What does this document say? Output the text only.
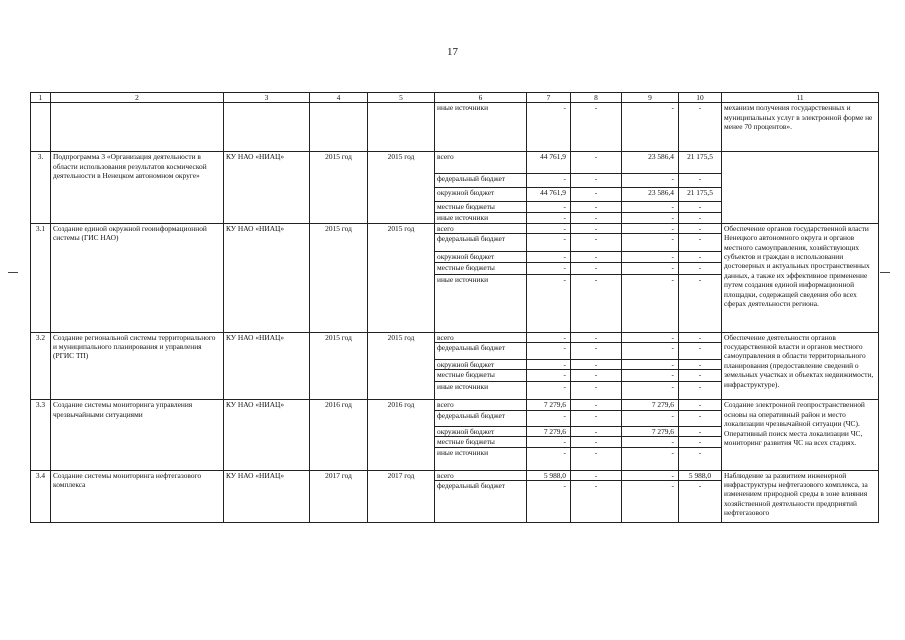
17
1	2	3	4	5	6	7	8	9	10	11
					иные источники	-	-	-	-	механизм получения государственных и муниципальных услуг в электронной форме не менее 70 процентов».
3.	Подпрограмма 3 «Организация деятельности в области использования результатов космической деятельности в Ненецком автономном округе»	КУ НАО «НИАЦ»	2015 год	2015 год	всего	44 761,9	-	23 586,4	21 175,5	
					федеральный бюджет	-	-	-	-	
					окружной бюджет	44 761,9	-	23 586,4	21 175,5	
					местные бюджеты	-	-	-	-	
					иные источники	-	-	-	-	
3.1	Создание единой окружной геоинформационной системы (ГИС НАО)	КУ НАО «НИАЦ»	2015 год	2015 год	всего	-	-	-	-	Обеспечение органов государственной власти Ненецкого автономного округа и органов местного самоуправления, хозяйствующих субъектов и граждан в использовании достоверных и актуальных пространственных данных, а также их эффективное применение путем создания единой информационной площадки, содержащей сведения обо всех сферах деятельности региона.
					федеральный бюджет	-	-	-	-	
					окружной бюджет	-	-	-	-	
					местные бюджеты	-	-	-	-	
					иные источники	-	-	-	-	
3.2	Создание региональной системы территориального и муниципального планирования и управления (РГИС ТП)	КУ НАО «НИАЦ»	2015 год	2015 год	всего	-	-	-	-	Обеспечение деятельности органов государственной власти и органов местного самоуправления в области территориального планирования (предоставление сведений о земельных участках и объектах недвижимости, инфраструктуре).
					федеральный бюджет	-	-	-	-	
					окружной бюджет	-	-	-	-	
					местные бюджеты	-	-	-	-	
					иные источники	-	-	-	-	
3.3	Создание системы мониторинга управления чрезвычайными ситуациями	КУ НАО «НИАЦ»	2016 год	2016 год	всего	7 279,6	-	7 279,6	-	Создание электронной геопространственной основы на оперативный район и место локализации чрезвычайной ситуации (ЧС). Оперативный поиск места локализации ЧС, мониторинг развития ЧС на всех стадиях.
					федеральный бюджет	-	-	-	-	
					окружной бюджет	7 279,6	-	7 279,6	-	
					местные бюджеты	-	-	-	-	
					иные источники	-	-	-	-	
3.4	Создание системы мониторинга нефтегазового комплекса	КУ НАО «НИАЦ»	2017 год	2017 год	всего	5 988,0	-	-	5 988,0	Наблюдение за развитием инженерной инфраструктуры нефтегазового комплекса, за изменением природной среды в зоне влияния хозяйственной деятельности предприятий нефтегазового
					федеральный бюджет	-	-	-	-	
